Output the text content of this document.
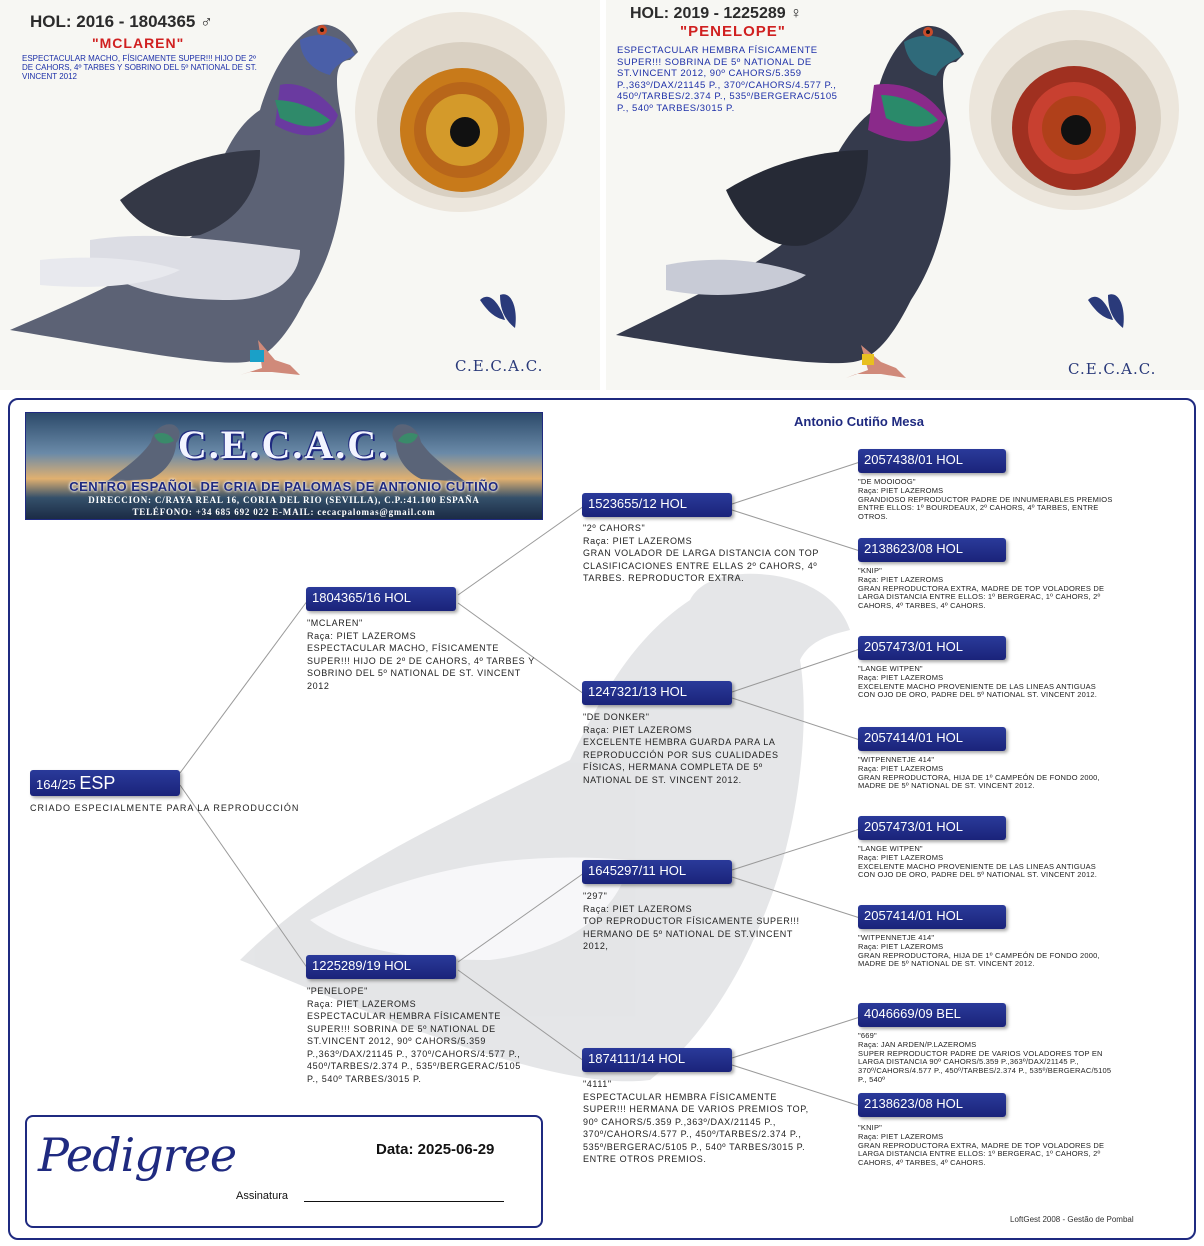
HOL: 2016 - 1804365 ♂
"MCLAREN"
ESPECTACULAR MACHO, FÍSICAMENTE SUPER!!! HIJO DE 2º DE CAHORS, 4º TARBES Y SOBRINO DEL 5º NATIONAL DE ST. VINCENT 2012
C.E.C.A.C.
HOL: 2019 - 1225289 ♀
"PENELOPE"
ESPECTACULAR HEMBRA FÍSICAMENTE SUPER!!! SOBRINA DE 5º NATIONAL DE ST.VINCENT 2012, 90º CAHORS/5.359 P.,363º/DAX/21145 P., 370º/CAHORS/4.577 P., 450º/TARBES/2.374 P., 535º/BERGERAC/5105 P., 540º TARBES/3015 P.
C.E.C.A.C.
Antonio Cutiño Mesa
C.E.C.A.C.
CENTRO ESPAÑOL DE CRIA DE PALOMAS DE ANTONIO CUTIÑO
DIRECCION: C/RAYA REAL 16, CORIA DEL RIO (SEVILLA), C.P.:41.100 ESPAÑA
TELÉFONO: +34 685 692 022 E-MAIL: cecacpalomas@gmail.com
164/25 ESP
CRIADO ESPECIALMENTE PARA LA REPRODUCCIÓN
1804365/16 HOL
"MCLAREN"
Raça: PIET LAZEROMS
ESPECTACULAR MACHO, FÍSICAMENTE SUPER!!! HIJO DE 2º DE CAHORS, 4º TARBES Y SOBRINO DEL 5º NATIONAL DE ST. VINCENT 2012
1225289/19 HOL
"PENELOPE"
Raça: PIET LAZEROMS
ESPECTACULAR HEMBRA FÍSICAMENTE SUPER!!! SOBRINA DE 5º NATIONAL DE ST.VINCENT 2012, 90º CAHORS/5.359 P.,363º/DAX/21145 P., 370º/CAHORS/4.577 P., 450º/TARBES/2.374 P., 535º/BERGERAC/5105 P., 540º TARBES/3015 P.
1523655/12 HOL
"2º CAHORS"
Raça: PIET LAZEROMS
GRAN VOLADOR DE LARGA DISTANCIA CON TOP CLASIFICACIONES ENTRE ELLAS 2º CAHORS, 4º TARBES. REPRODUCTOR EXTRA.
1247321/13 HOL
"DE DONKER"
Raça: PIET LAZEROMS
EXCELENTE HEMBRA GUARDA PARA LA REPRODUCCIÓN POR SUS CUALIDADES FÍSICAS, HERMANA COMPLETA DE 5º NATIONAL DE ST. VINCENT 2012.
1645297/11 HOL
"297"
Raça: PIET LAZEROMS
TOP REPRODUCTOR FÍSICAMENTE SUPER!!! HERMANO DE 5º NATIONAL DE ST.VINCENT 2012,
1874111/14 HOL
"4111"
ESPECTACULAR HEMBRA FÍSICAMENTE SUPER!!! HERMANA DE VARIOS PREMIOS TOP, 90º CAHORS/5.359 P.,363º/DAX/21145 P., 370º/CAHORS/4.577 P., 450º/TARBES/2.374 P., 535º/BERGERAC/5105 P., 540º TARBES/3015 P. ENTRE OTROS PREMIOS.
2057438/01 HOL
"DE MOOIOOG"
Raça: PIET LAZEROMS
GRANDIOSO REPRODUCTOR PADRE DE INNUMERABLES PREMIOS ENTRE ELLOS: 1º BOURDEAUX, 2º CAHORS, 4º TARBES, ENTRE OTROS.
2138623/08 HOL
"KNIP"
Raça: PIET LAZEROMS
GRAN REPRODUCTORA EXTRA, MADRE DE TOP VOLADORES DE LARGA DISTANCIA ENTRE ELLOS: 1º BERGERAC, 1º CAHORS, 2º CAHORS, 4º TARBES, 4º CAHORS.
2057473/01 HOL
"LANGE WITPEN"
Raça: PIET LAZEROMS
EXCELENTE MACHO PROVENIENTE DE LAS LINEAS ANTIGUAS CON OJO DE ORO, PADRE DEL 5º NATIONAL ST. VINCENT 2012.
2057414/01 HOL
"WITPENNETJE 414"
Raça: PIET LAZEROMS
GRAN REPRODUCTORA, HIJA DE 1º CAMPEÓN DE FONDO 2000, MADRE DE 5º NATIONAL DE ST. VINCENT 2012.
2057473/01 HOL
"LANGE WITPEN"
Raça: PIET LAZEROMS
EXCELENTE MACHO PROVENIENTE DE LAS LINEAS ANTIGUAS CON OJO DE ORO, PADRE DEL 5º NATIONAL ST. VINCENT 2012.
2057414/01 HOL
"WITPENNETJE 414"
Raça: PIET LAZEROMS
GRAN REPRODUCTORA, HIJA DE 1º CAMPEÓN DE FONDO 2000, MADRE DE 5º NATIONAL DE ST. VINCENT 2012.
4046669/09 BEL
"669"
Raça: JAN ARDEN/P.LAZEROMS
SUPER REPRODUCTOR PADRE DE VARIOS VOLADORES TOP EN LARGA DISTANCIA 90º CAHORS/5.359 P.,363º/DAX/21145 P., 370º/CAHORS/4.577 P., 450º/TARBES/2.374 P., 535º/BERGERAC/5105 P., 540º
2138623/08 HOL
"KNIP"
Raça: PIET LAZEROMS
GRAN REPRODUCTORA EXTRA, MADRE DE TOP VOLADORES DE LARGA DISTANCIA ENTRE ELLOS: 1º BERGERAC, 1º CAHORS, 2º CAHORS, 4º TARBES, 4º CAHORS.
Pedigree	Data: 2025-06-29
Assinatura
LoftGest 2008 - Gestão de Pombal
